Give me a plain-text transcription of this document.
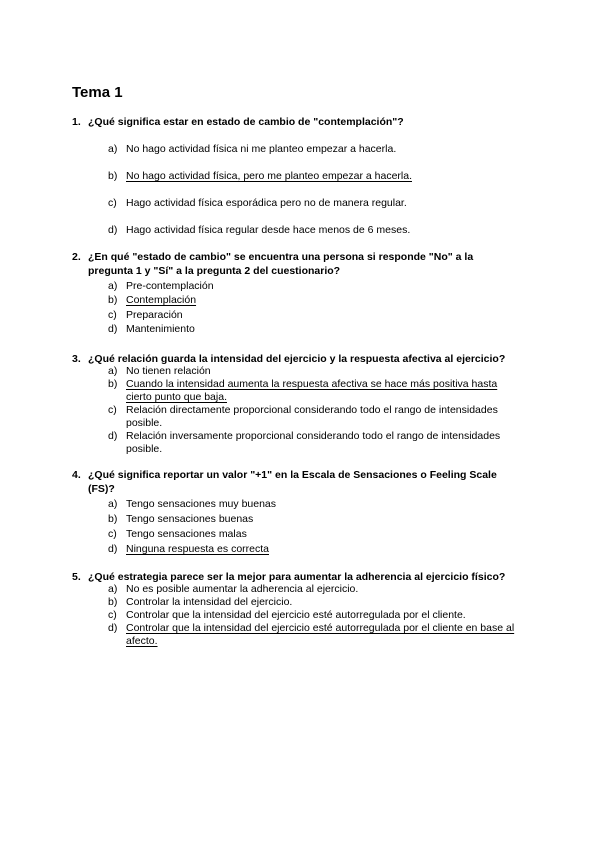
Tema 1
1. ¿Qué significa estar en estado de cambio de "contemplación"?
a) No hago actividad física ni me planteo empezar a hacerla.
b) No hago actividad física, pero me planteo empezar a hacerla.
c) Hago actividad física esporádica pero no de manera regular.
d) Hago actividad física regular desde hace menos de 6 meses.
2. ¿En qué "estado de cambio" se encuentra una persona si responde "No" a la
pregunta 1 y "Sí" a la pregunta 2 del cuestionario?
a) Pre-contemplación
b) Contemplación
c) Preparación
d) Mantenimiento
3. ¿Qué relación guarda la intensidad del ejercicio y la respuesta afectiva al ejercicio?
a) No tienen relación
b) Cuando la intensidad aumenta la respuesta afectiva se hace más positiva hasta cierto punto que baja.
c) Relación directamente proporcional considerando todo el rango de intensidades posible.
d) Relación inversamente proporcional considerando todo el rango de intensidades posible.
4. ¿Qué significa reportar un valor "+1" en la Escala de Sensaciones o Feeling Scale
(FS)?
a) Tengo sensaciones muy buenas
b) Tengo sensaciones buenas
c) Tengo sensaciones malas
d) Ninguna respuesta es correcta
5. ¿Qué estrategia parece ser la mejor para aumentar la adherencia al ejercicio físico?
a) No es posible aumentar la adherencia al ejercicio.
b) Controlar la intensidad del ejercicio.
c) Controlar que la intensidad del ejercicio esté autorregulada por el cliente.
d) Controlar que la intensidad del ejercicio esté autorregulada por el cliente en base al afecto.
